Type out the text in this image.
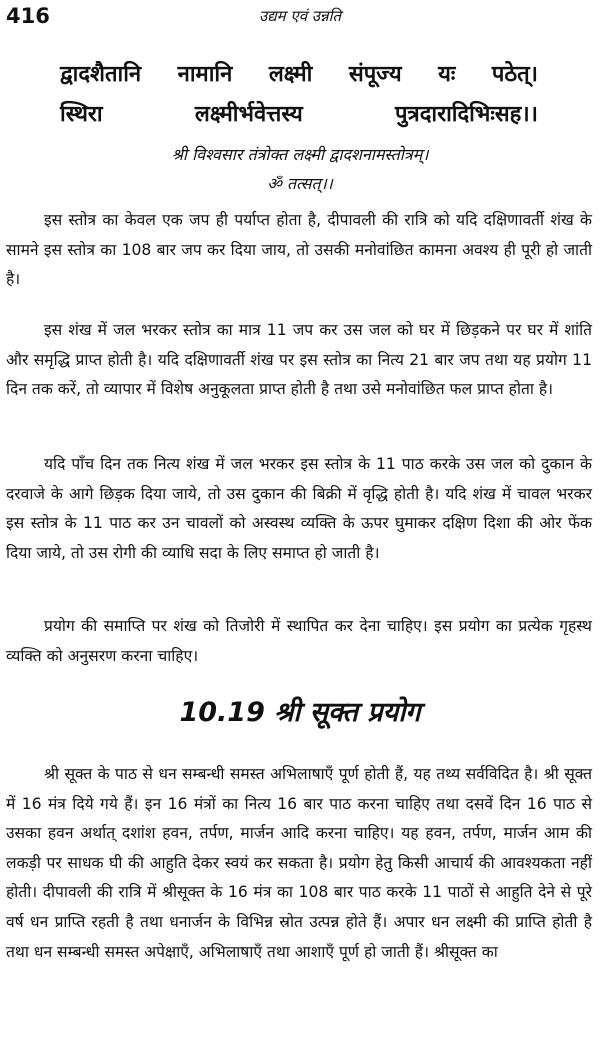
416	उद्यम एवं उन्नति
द्वादशैतानि नामानि लक्ष्मी संपूज्य यः पठेत्।
स्थिरा लक्ष्मीर्भवेत्तस्य पुत्रदारादिभिःसह।।
श्री विश्वसार तंत्रोक्त लक्ष्मी द्वादशनामस्तोत्रम्।
ॐ तत्सत्।।

इस स्तोत्र का केवल एक जप ही पर्याप्त होता है, दीपावली की रात्रि को यदि दक्षिणावर्ती शंख के सामने इस स्तोत्र का 108 बार जप कर दिया जाय, तो उसकी मनोवांछित कामना अवश्य ही पूरी हो जाती है।

इस शंख में जल भरकर स्तोत्र का मात्र 11 जप कर उस जल को घर में छिड़कने पर घर में शांति और समृद्धि प्राप्त होती है। यदि दक्षिणावर्ती शंख पर इस स्तोत्र का नित्य 21 बार जप तथा यह प्रयोग 11 दिन तक करें, तो व्यापार में विशेष अनुकूलता प्राप्त होती है तथा उसे मनोवांछित फल प्राप्त होता है।

यदि पाँच दिन तक नित्य शंख में जल भरकर इस स्तोत्र के 11 पाठ करके उस जल को दुकान के दरवाजे के आगे छिड़क दिया जाये, तो उस दुकान की बिक्री में वृद्धि होती है। यदि शंख में चावल भरकर इस स्तोत्र के 11 पाठ कर उन चावलों को अस्वस्थ व्यक्ति के ऊपर घुमाकर दक्षिण दिशा की ओर फेंक दिया जाये, तो उस रोगी की व्याधि सदा के लिए समाप्त हो जाती है।

प्रयोग की समाप्ति पर शंख को तिजोरी में स्थापित कर देना चाहिए। इस प्रयोग का प्रत्येक गृहस्थ व्यक्ति को अनुसरण करना चाहिए।

10.19 श्री सूक्त प्रयोग

श्री सूक्त के पाठ से धन सम्बन्धी समस्त अभिलाषाएँ पूर्ण होती हैं, यह तथ्य सर्वविदित है। श्री सूक्त में 16 मंत्र दिये गये हैं। इन 16 मंत्रों का नित्य 16 बार पाठ करना चाहिए तथा दसवें दिन 16 पाठ से उसका हवन अर्थात् दशांश हवन, तर्पण, मार्जन आदि करना चाहिए। यह हवन, तर्पण, मार्जन आम की लकड़ी पर साधक घी की आहुति देकर स्वयं कर सकता है। प्रयोग हेतु किसी आचार्य की आवश्यकता नहीं होती। दीपावली की रात्रि में श्रीसूक्त के 16 मंत्र का 108 बार पाठ करके 11 पाठों से आहुति देने से पूरे वर्ष धन प्राप्ति रहती है तथा धनार्जन के विभिन्न स्रोत उत्पन्न होते हैं। अपार धन लक्ष्मी की प्राप्ति होती है तथा धन सम्बन्धी समस्त अपेक्षाएँ, अभिलाषाएँ तथा आशाएँ पूर्ण हो जाती हैं। श्रीसूक्त का
